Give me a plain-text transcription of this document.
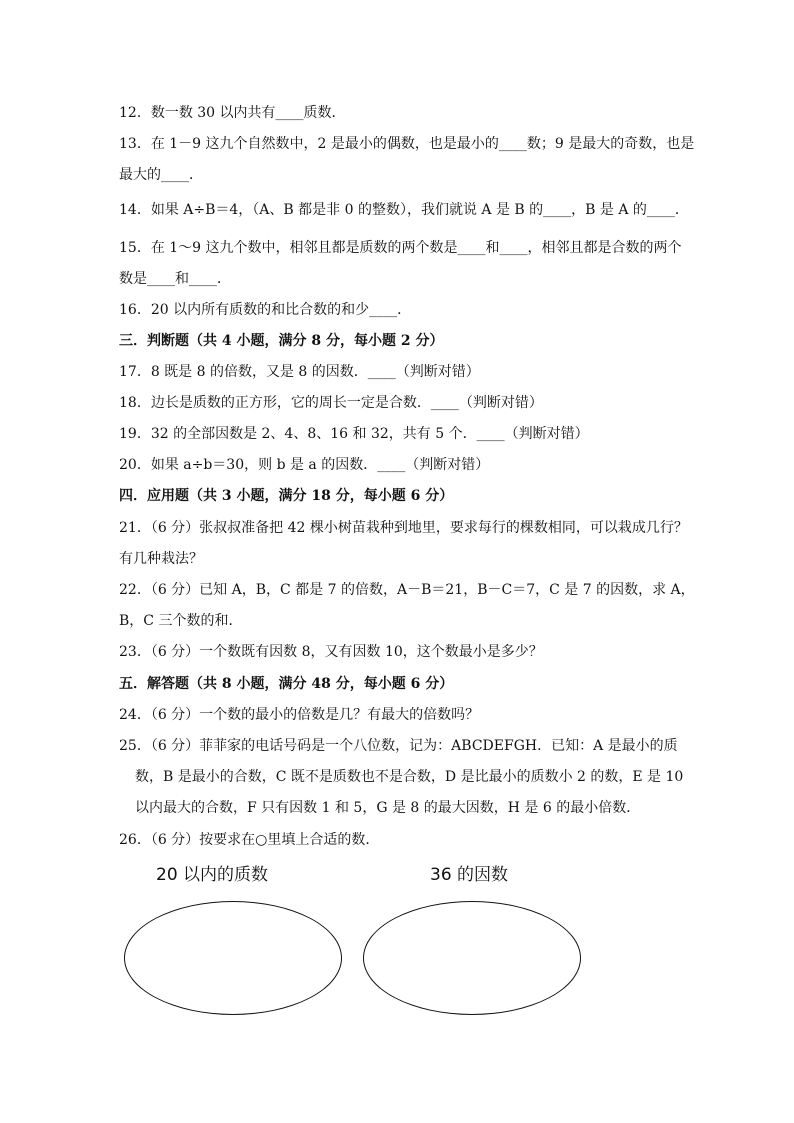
12．数一数 30 以内共有____质数．
13．在 1－9 这九个自然数中，2 是最小的偶数，也是最小的____数；9 是最大的奇数，也是
最大的____．
14．如果 A÷B＝4，（A、B 都是非 0 的整数），我们就说 A 是 B 的____，B 是 A 的____．
15．在 1～9 这九个数中，相邻且都是质数的两个数是____和____，相邻且都是合数的两个
数是____和____．
16．20 以内所有质数的和比合数的和少____．
三．判断题（共 4 小题，满分 8 分，每小题 2 分）
17．8 既是 8 的倍数，又是 8 的因数．____（判断对错）
18．边长是质数的正方形，它的周长一定是合数．____（判断对错）
19．32 的全部因数是 2、4、8、16 和 32，共有 5 个．____（判断对错）
20．如果 a÷b＝30，则 b 是 a 的因数．____（判断对错）
四．应用题（共 3 小题，满分 18 分，每小题 6 分）
21．（6 分）张叔叔准备把 42 棵小树苗栽种到地里，要求每行的棵数相同，可以栽成几行？
有几种栽法？
22．（6 分）已知 A，B，C 都是 7 的倍数，A－B＝21，B－C＝7，C 是 7 的因数，求 A，
B，C 三个数的和．
23．（6 分）一个数既有因数 8，又有因数 10，这个数最小是多少？
五．解答题（共 8 小题，满分 48 分，每小题 6 分）
24．（6 分）一个数的最小的倍数是几？有最大的倍数吗？
25．（6 分）菲菲家的电话号码是一个八位数，记为：ABCDEFGH．已知：A 是最小的质
数，B 是最小的合数，C 既不是质数也不是合数，D 是比最小的质数小 2 的数，E 是 10
以内最大的合数，F 只有因数 1 和 5，G 是 8 的最大因数，H 是 6 的最小倍数．
26．（6 分）按要求在○里填上合适的数．
20 以内的质数	36 的因数
